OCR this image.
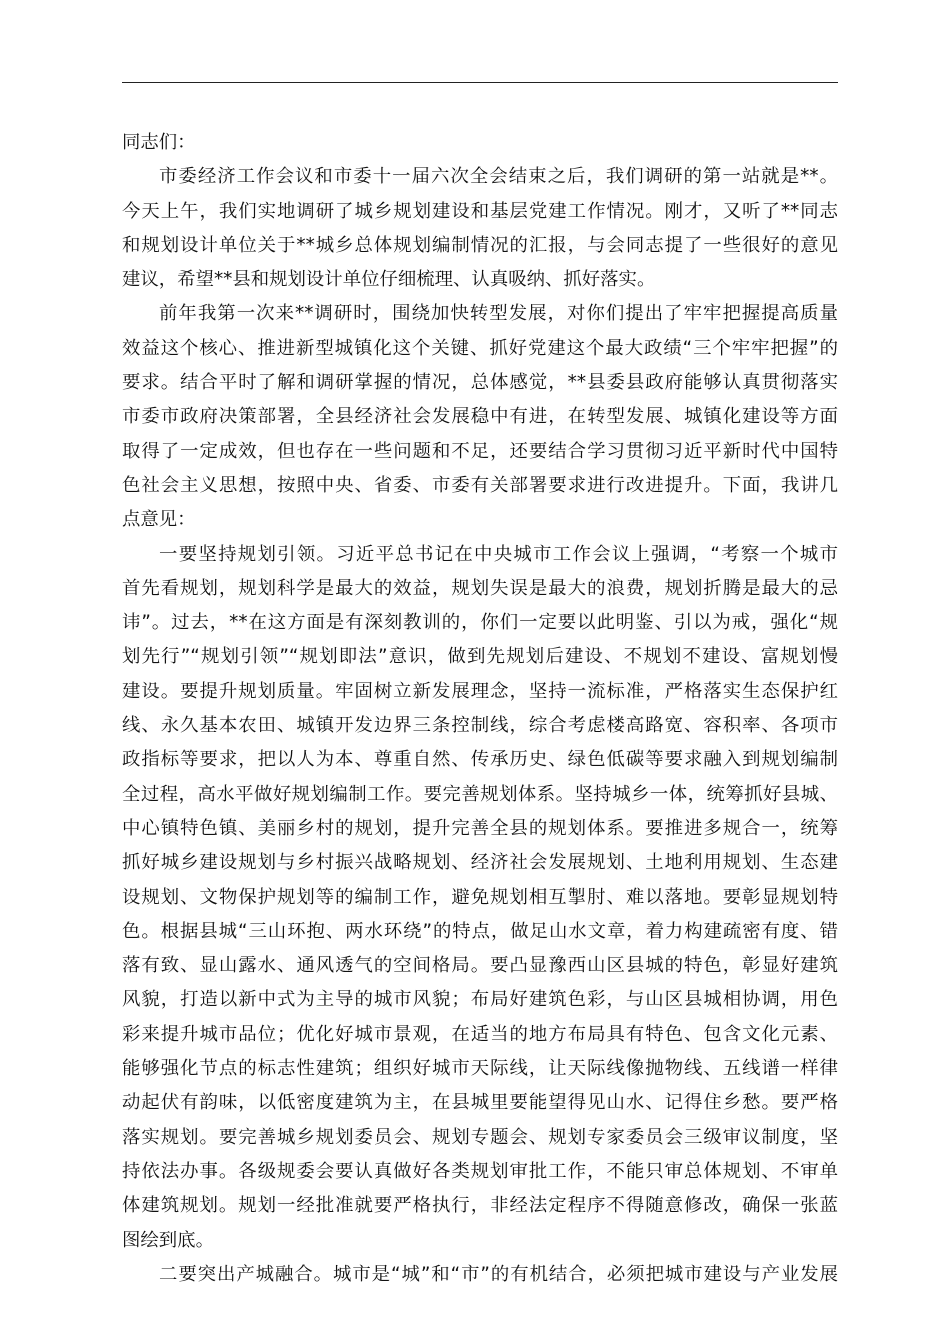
同志们：
市委经济工作会议和市委十一届六次全会结束之后，我们调研的第一站就是**。
今天上午，我们实地调研了城乡规划建设和基层党建工作情况。刚才，又听了**同志
和规划设计单位关于**城乡总体规划编制情况的汇报，与会同志提了一些很好的意见
建议，希望**县和规划设计单位仔细梳理、认真吸纳、抓好落实。
前年我第一次来**调研时，围绕加快转型发展，对你们提出了牢牢把握提高质量
效益这个核心、推进新型城镇化这个关键、抓好党建这个最大政绩“三个牢牢把握”的
要求。结合平时了解和调研掌握的情况，总体感觉，**县委县政府能够认真贯彻落实
市委市政府决策部署，全县经济社会发展稳中有进，在转型发展、城镇化建设等方面
取得了一定成效，但也存在一些问题和不足，还要结合学习贯彻习近平新时代中国特
色社会主义思想，按照中央、省委、市委有关部署要求进行改进提升。下面，我讲几
点意见：
一要坚持规划引领。习近平总书记在中央城市工作会议上强调，“考察一个城市
首先看规划，规划科学是最大的效益，规划失误是最大的浪费，规划折腾是最大的忌
讳”。过去，**在这方面是有深刻教训的，你们一定要以此明鉴、引以为戒，强化“规
划先行”“规划引领”“规划即法”意识，做到先规划后建设、不规划不建设、富规划慢
建设。要提升规划质量。牢固树立新发展理念，坚持一流标准，严格落实生态保护红
线、永久基本农田、城镇开发边界三条控制线，综合考虑楼高路宽、容积率、各项市
政指标等要求，把以人为本、尊重自然、传承历史、绿色低碳等要求融入到规划编制
全过程，高水平做好规划编制工作。要完善规划体系。坚持城乡一体，统筹抓好县城、
中心镇特色镇、美丽乡村的规划，提升完善全县的规划体系。要推进多规合一，统筹
抓好城乡建设规划与乡村振兴战略规划、经济社会发展规划、土地利用规划、生态建
设规划、文物保护规划等的编制工作，避免规划相互掣肘、难以落地。要彰显规划特
色。根据县城“三山环抱、两水环绕”的特点，做足山水文章，着力构建疏密有度、错
落有致、显山露水、通风透气的空间格局。要凸显豫西山区县城的特色，彰显好建筑
风貌，打造以新中式为主导的城市风貌；布局好建筑色彩，与山区县城相协调，用色
彩来提升城市品位；优化好城市景观，在适当的地方布局具有特色、包含文化元素、
能够强化节点的标志性建筑；组织好城市天际线，让天际线像抛物线、五线谱一样律
动起伏有韵味，以低密度建筑为主，在县城里要能望得见山水、记得住乡愁。要严格
落实规划。要完善城乡规划委员会、规划专题会、规划专家委员会三级审议制度，坚
持依法办事。各级规委会要认真做好各类规划审批工作，不能只审总体规划、不审单
体建筑规划。规划一经批准就要严格执行，非经法定程序不得随意修改，确保一张蓝
图绘到底。
二要突出产城融合。城市是“城”和“市”的有机结合，必须把城市建设与产业发展
